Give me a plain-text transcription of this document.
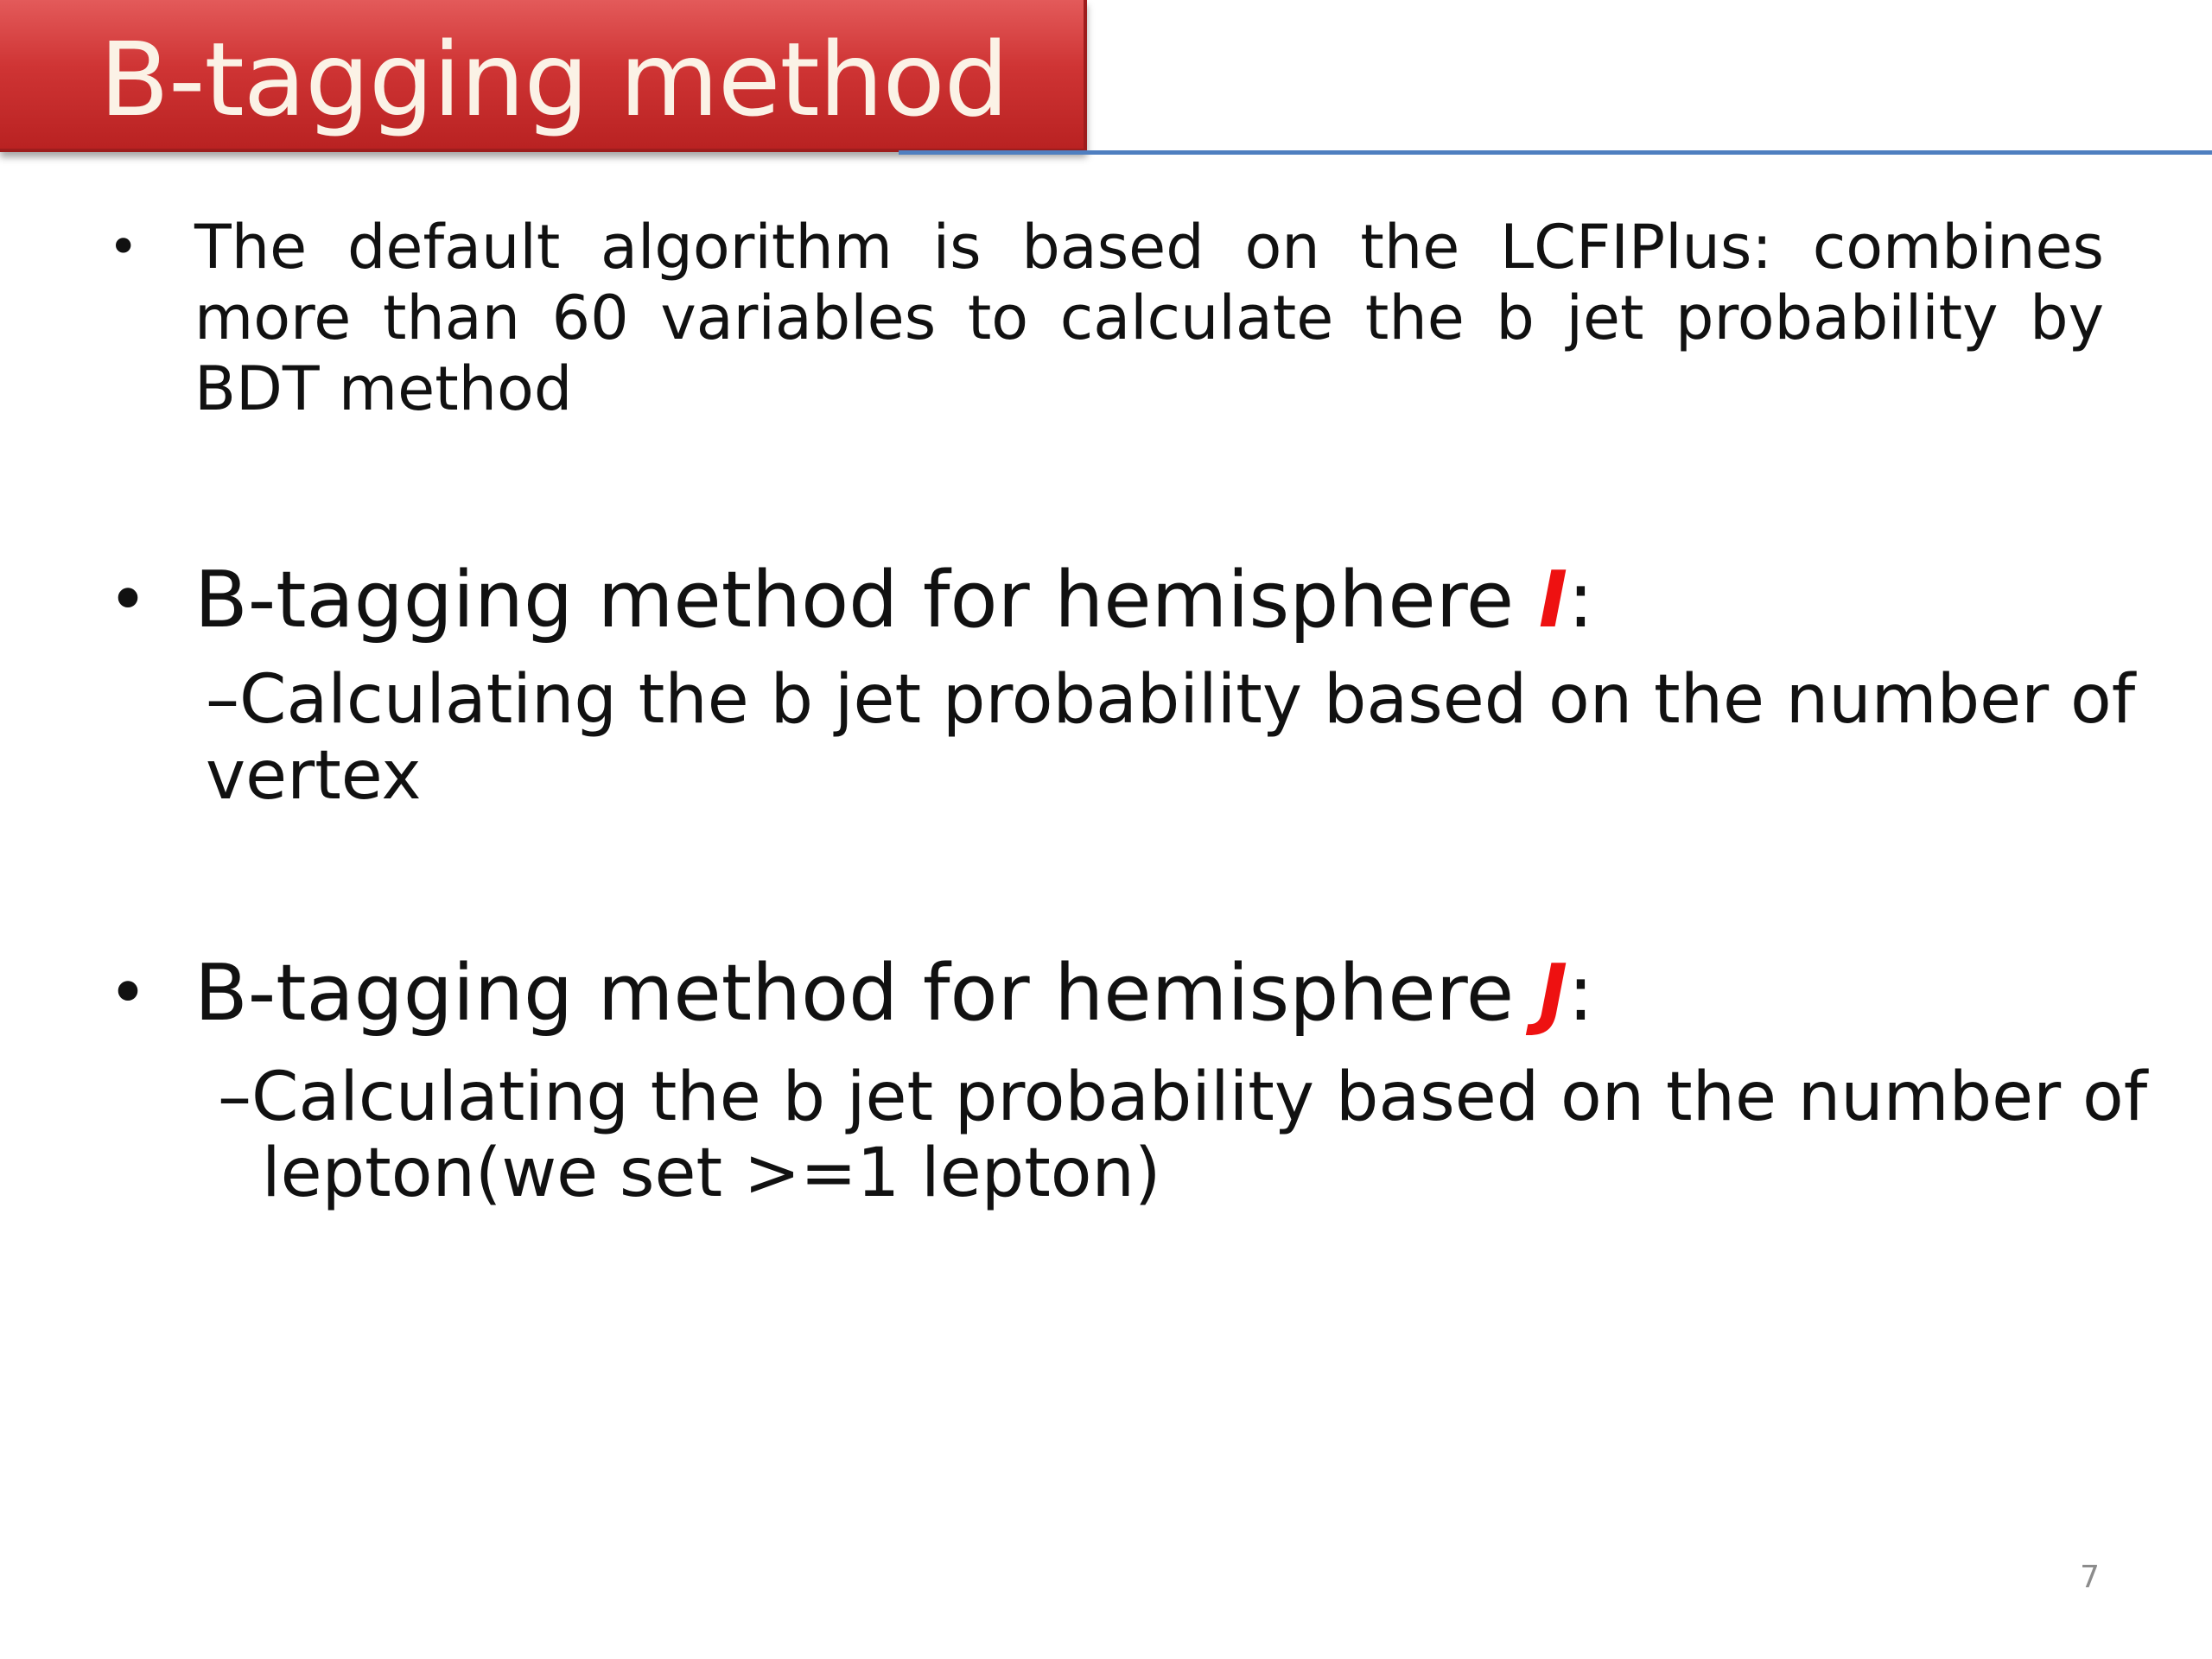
B-tagging method
• The default algorithm is based on the LCFIPlus: combines more than 60 variables to calculate the b jet probability by BDT method
• B-tagging method for hemisphere I:
–Calculating the b jet probability based on the number of
vertex
• B-tagging method for hemisphere J:
–Calculating the b jet probability based on the number of
lepton(we set >=1 lepton)
7
